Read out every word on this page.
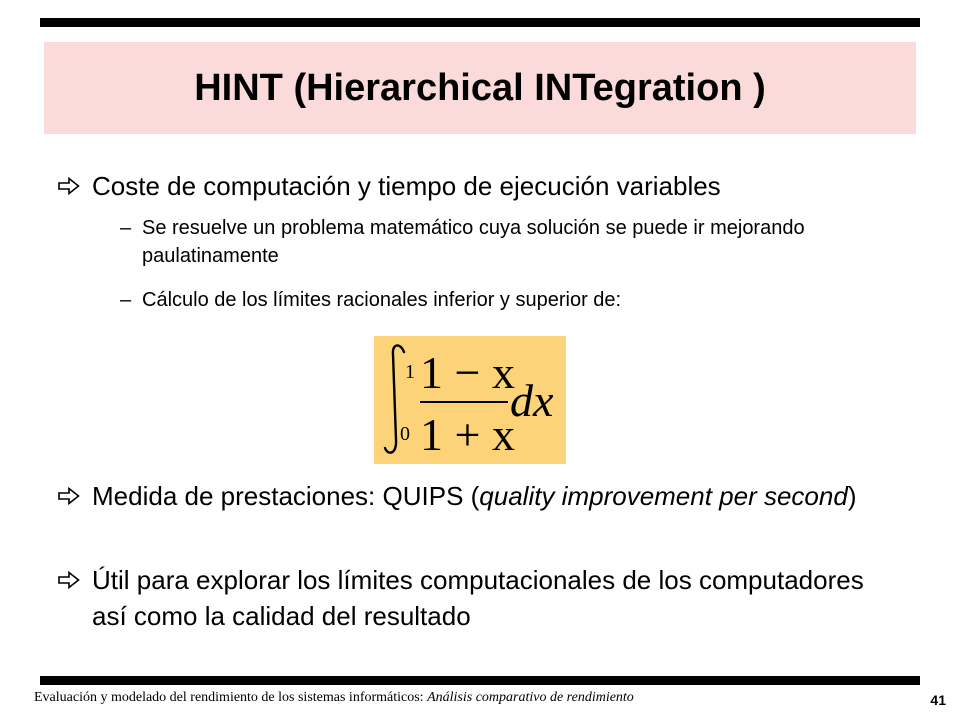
HINT (Hierarchical INTegration )
Coste de computación y tiempo de ejecución variables
– Se resuelve un problema matemático cuya solución se puede ir mejorando paulatinamente
– Cálculo de los límites racionales inferior y superior de:
1
0
1 − x
1 + x
dx
Medida de prestaciones: QUIPS (quality improvement per second)
Útil para explorar los límites computacionales de los computadores así como la calidad del resultado
Evaluación y modelado del rendimiento de los sistemas informáticos: Análisis comparativo de rendimiento	41
